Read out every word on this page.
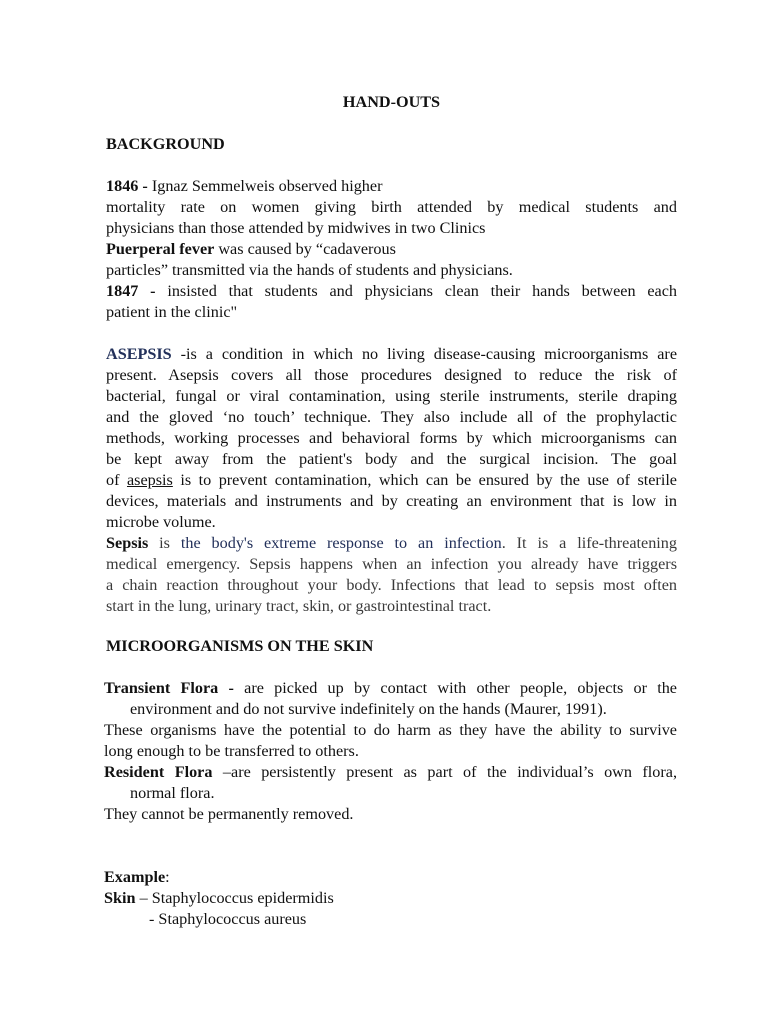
HAND-OUTS
BACKGROUND
1846 - Ignaz Semmelweis observed higher
mortality rate on women giving birth attended by medical students and
physicians than those attended by midwives in two Clinics
Puerperal fever was caused by “cadaverous
particles” transmitted via the hands of students and physicians.
1847 - insisted that students and physicians clean their hands between each
patient in the clinic"
ASEPSIS -is a condition in which no living disease-causing microorganisms are
present. Asepsis covers all those procedures designed to reduce the risk of
bacterial, fungal or viral contamination, using sterile instruments, sterile draping
and the gloved ‘no touch’ technique. They also include all of the prophylactic
methods, working processes and behavioral forms by which microorganisms can
be kept away from the patient's body and the surgical incision. The goal
of asepsis is to prevent contamination, which can be ensured by the use of sterile
devices, materials and instruments and by creating an environment that is low in
microbe volume.
Sepsis is the body's extreme response to an infection. It is a life-threatening
medical emergency. Sepsis happens when an infection you already have triggers
a chain reaction throughout your body. Infections that lead to sepsis most often
start in the lung, urinary tract, skin, or gastrointestinal tract.
MICROORGANISMS ON THE SKIN
Transient Flora - are picked up by contact with other people, objects or the
environment and do not survive indefinitely on the hands (Maurer, 1991).
These organisms have the potential to do harm as they have the ability to survive
long enough to be transferred to others.
Resident Flora –are persistently present as part of the individual’s own flora,
normal flora.
They cannot be permanently removed.
Example:
Skin – Staphylococcus epidermidis
- Staphylococcus aureus
